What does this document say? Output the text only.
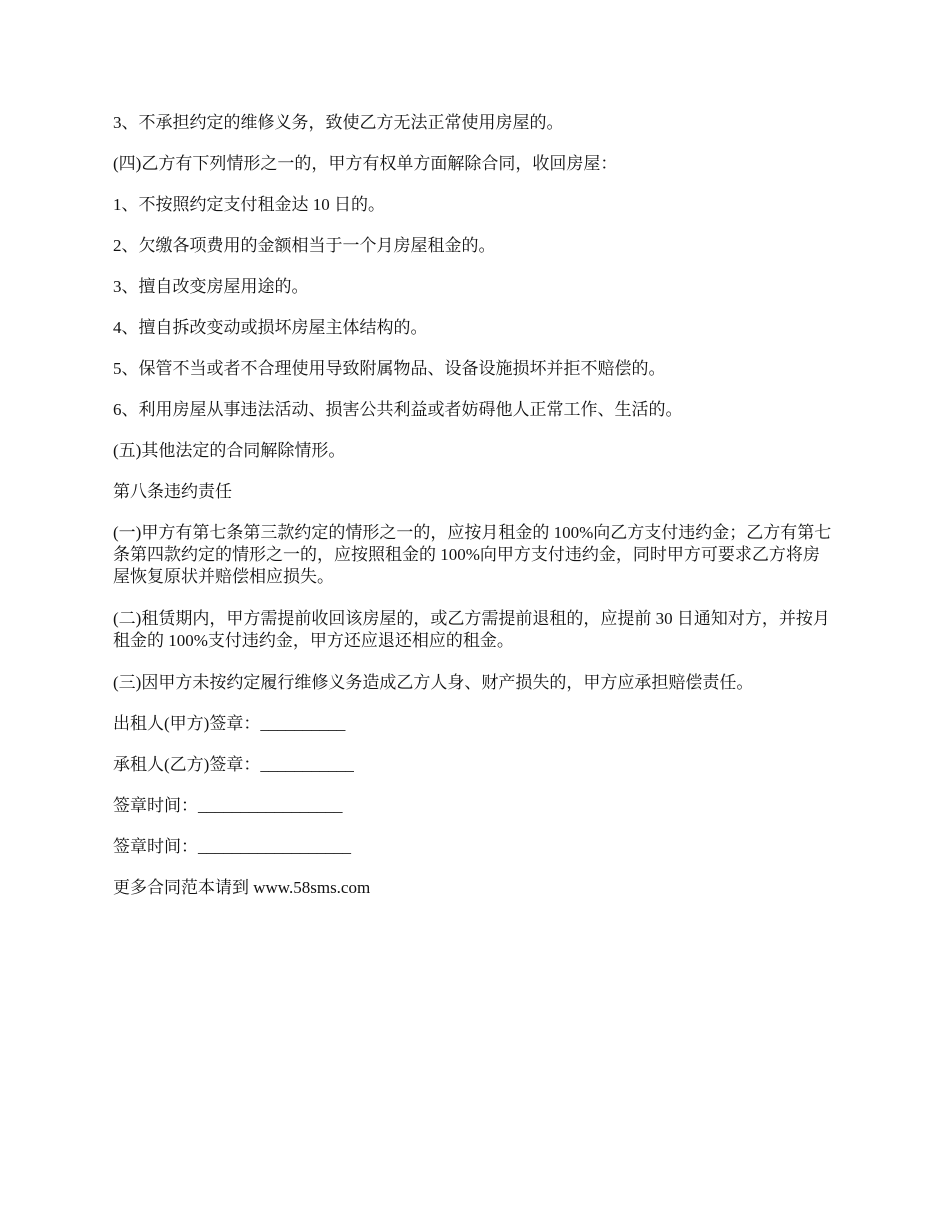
3、不承担约定的维修义务，致使乙方无法正常使用房屋的。

(四)乙方有下列情形之一的，甲方有权单方面解除合同，收回房屋：

1、不按照约定支付租金达 10 日的。

2、欠缴各项费用的金额相当于一个月房屋租金的。

3、擅自改变房屋用途的。

4、擅自拆改变动或损坏房屋主体结构的。

5、保管不当或者不合理使用导致附属物品、设备设施损坏并拒不赔偿的。

6、利用房屋从事违法活动、损害公共利益或者妨碍他人正常工作、生活的。

(五)其他法定的合同解除情形。

第八条违约责任

(一)甲方有第七条第三款约定的情形之一的，应按月租金的 100%向乙方支付违约金；乙方有第七条第四款约定的情形之一的，应按照租金的 100%向甲方支付违约金，同时甲方可要求乙方将房屋恢复原状并赔偿相应损失。

(二)租赁期内，甲方需提前收回该房屋的，或乙方需提前退租的，应提前 30 日通知对方，并按月租金的 100%支付违约金，甲方还应退还相应的租金。

(三)因甲方未按约定履行维修义务造成乙方人身、财产损失的，甲方应承担赔偿责任。

出租人(甲方)签章：__________

承租人(乙方)签章：___________

签章时间：_________________

签章时间：__________________

更多合同范本请到 www.58sms.com
